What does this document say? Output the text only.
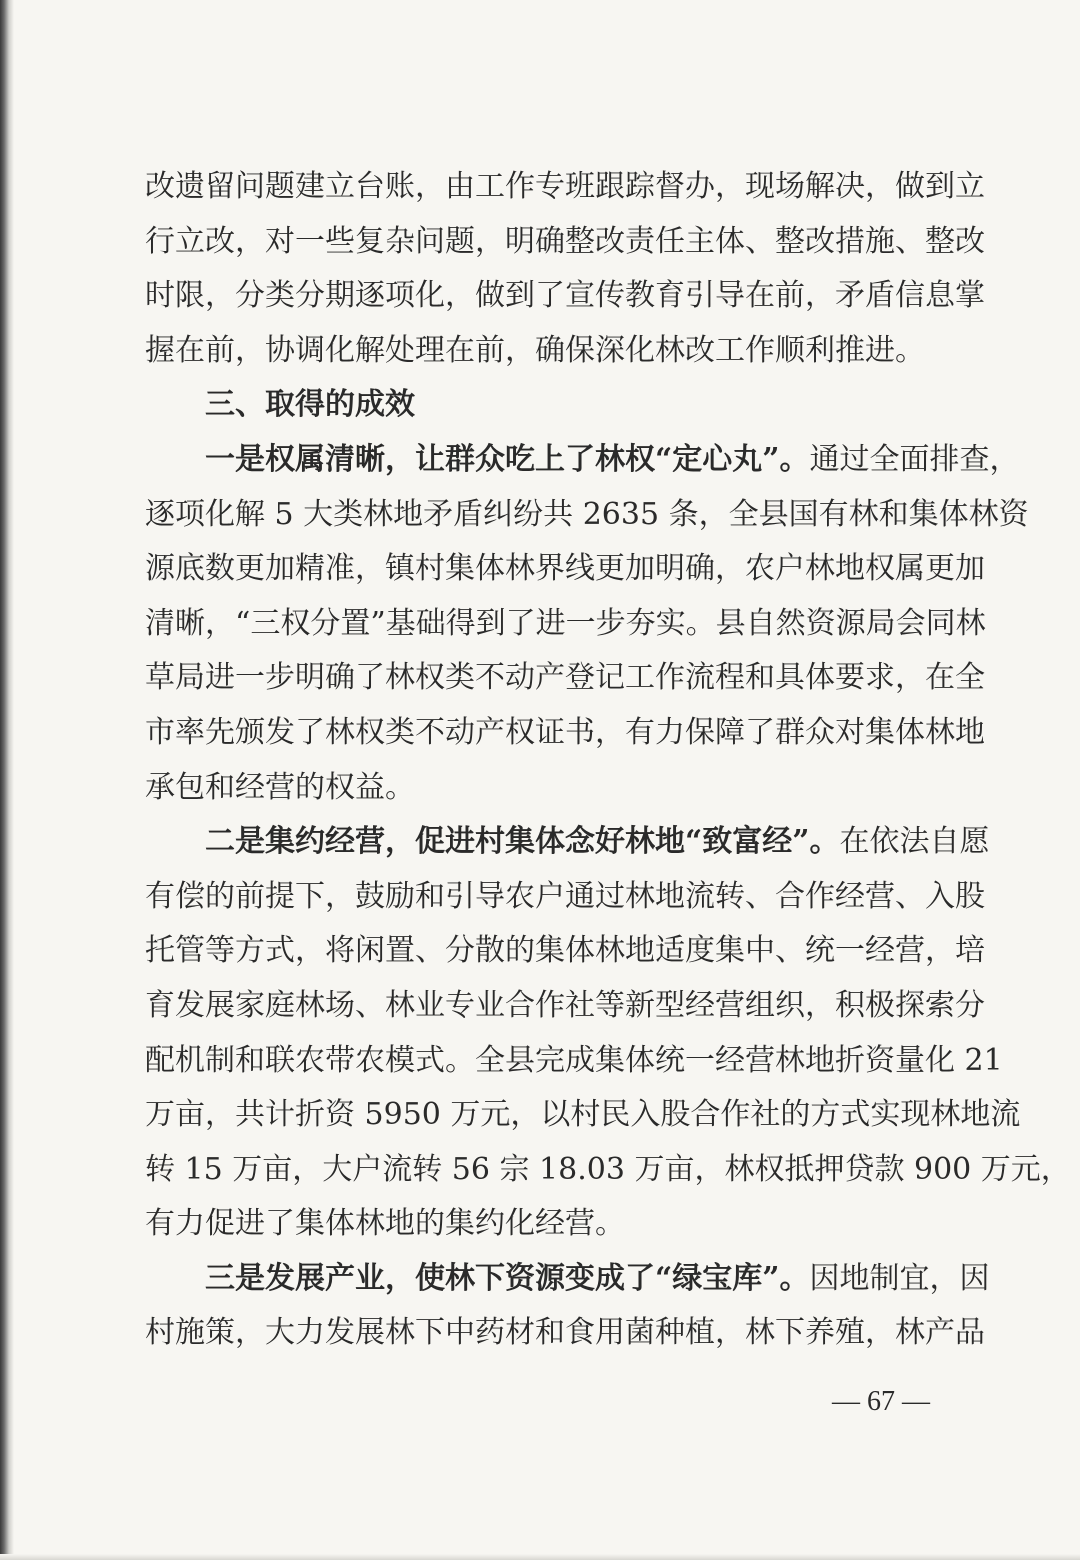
改遗留问题建立台账，由工作专班跟踪督办，现场解决，做到立
行立改，对一些复杂问题，明确整改责任主体、整改措施、整改
时限，分类分期逐项化，做到了宣传教育引导在前，矛盾信息掌
握在前，协调化解处理在前，确保深化林改工作顺利推进。
三、取得的成效
一是权属清晰，让群众吃上了林权“定心丸”。通过全面排查，
逐项化解 5 大类林地矛盾纠纷共 2635 条，全县国有林和集体林资
源底数更加精准，镇村集体林界线更加明确，农户林地权属更加
清晰，“三权分置”基础得到了进一步夯实。县自然资源局会同林
草局进一步明确了林权类不动产登记工作流程和具体要求，在全
市率先颁发了林权类不动产权证书，有力保障了群众对集体林地
承包和经营的权益。
二是集约经营，促进村集体念好林地“致富经”。在依法自愿
有偿的前提下，鼓励和引导农户通过林地流转、合作经营、入股
托管等方式，将闲置、分散的集体林地适度集中、统一经营，培
育发展家庭林场、林业专业合作社等新型经营组织，积极探索分
配机制和联农带农模式。全县完成集体统一经营林地折资量化 21
万亩，共计折资 5950 万元，以村民入股合作社的方式实现林地流
转 15 万亩，大户流转 56 宗 18.03 万亩，林权抵押贷款 900 万元，
有力促进了集体林地的集约化经营。
三是发展产业，使林下资源变成了“绿宝库”。因地制宜，因
村施策，大力发展林下中药材和食用菌种植，林下养殖，林产品
— 67 —
